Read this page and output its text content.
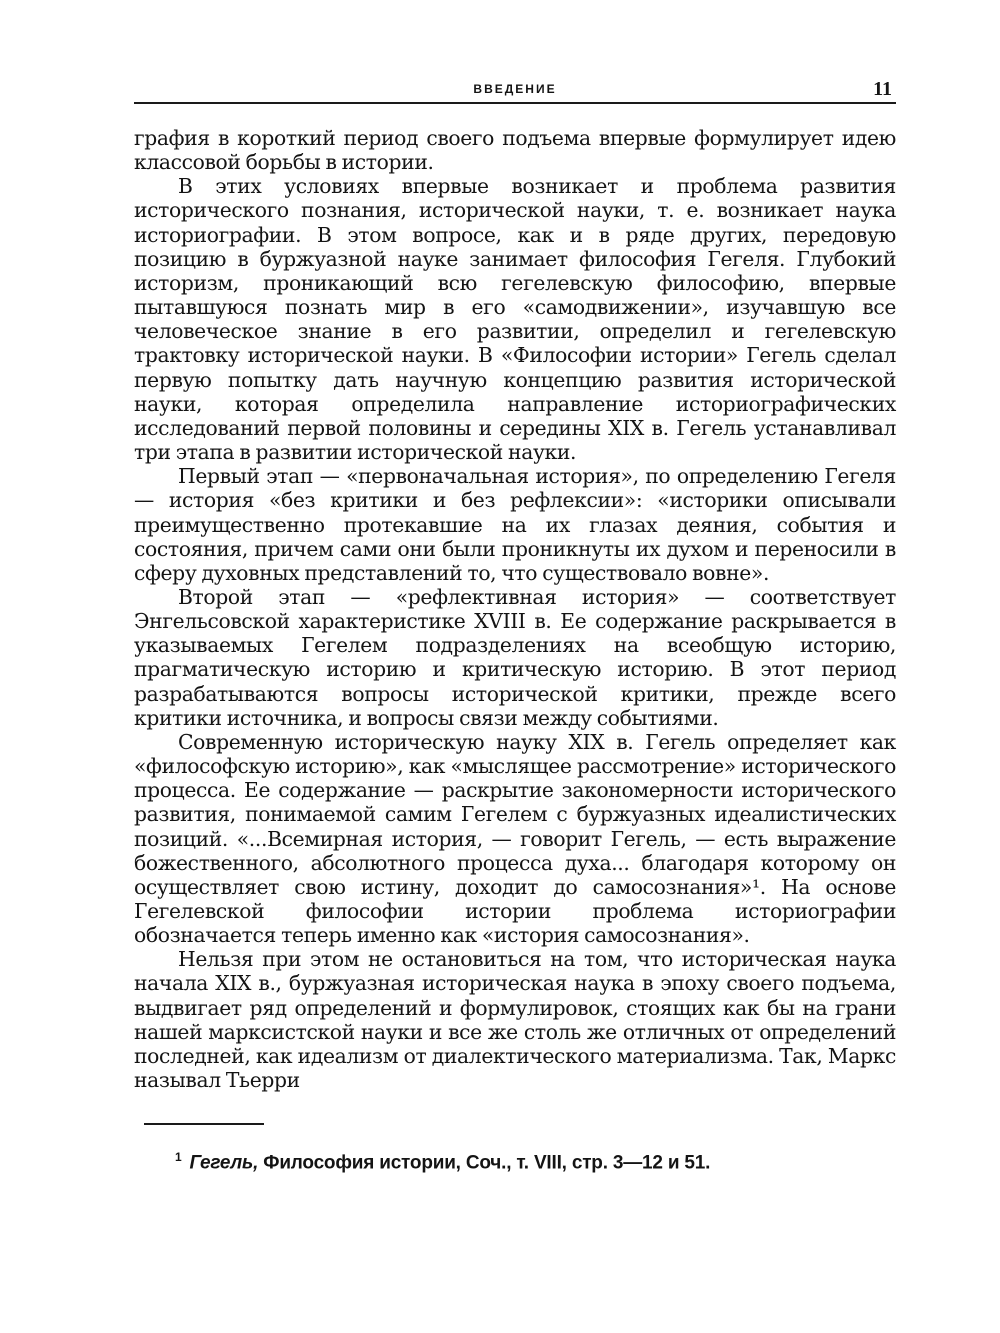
ВВЕДЕНИЕ	11

графия в короткий период своего подъема впервые формулирует идею классовой борьбы в истории.

В этих условиях впервые возникает и проблема развития исторического познания, исторической науки, т. е. возникает наука историографии. В этом вопросе, как и в ряде других, передовую позицию в буржуазной науке занимает философия Гегеля. Глубокий историзм, проникающий всю гегелевскую философию, впервые пытавшуюся познать мир в его «самодвижении», изучавшую все человеческое знание в его развитии, определил и гегелевскую трактовку исторической науки. В «Философии истории» Гегель сделал первую попытку дать научную концепцию развития исторической науки, которая определила направление историографических исследований первой половины и середины XIX в. Гегель устанавливал три этапа в развитии исторической науки.

Первый этап — «первоначальная история», по определению Гегеля — история «без критики и без рефлексии»: «историки описывали преимущественно протекавшие на их глазах деяния, события и состояния, причем сами они были проникнуты их духом и переносили в сферу духовных представлений то, что существовало вовне».

Второй этап — «рефлективная история» — соответствует Энгельсовской характеристике XVIII в. Ее содержание раскрывается в указываемых Гегелем подразделениях на всеобщую историю, прагматическую историю и критическую историю. В этот период разрабатываются вопросы исторической критики, прежде всего критики источника, и вопросы связи между событиями.

Современную историческую науку XIX в. Гегель определяет как «философскую историю», как «мыслящее рассмотрение» исторического процесса. Ее содержание — раскрытие закономерности исторического развития, понимаемой самим Гегелем с буржуазных идеалистических позиций. «...Всемирная история, — говорит Гегель, — есть выражение божественного, абсолютного процесса духа... благодаря которому он осуществляет свою истину, доходит до самосознания»¹. На основе Гегелевской философии истории проблема историографии обозначается теперь именно как «история самосознания».

Нельзя при этом не остановиться на том, что историческая наука начала XIX в., буржуазная историческая наука в эпоху своего подъема, выдвигает ряд определений и формулировок, стоящих как бы на грани нашей марксистской науки и все же столь же отличных от определений последней, как идеализм от диалектического материализма. Так, Маркс называл Тьерри

$^1$ Гегель, Философия истории, Соч., т. VIII, стр. 3—12 и 51.
